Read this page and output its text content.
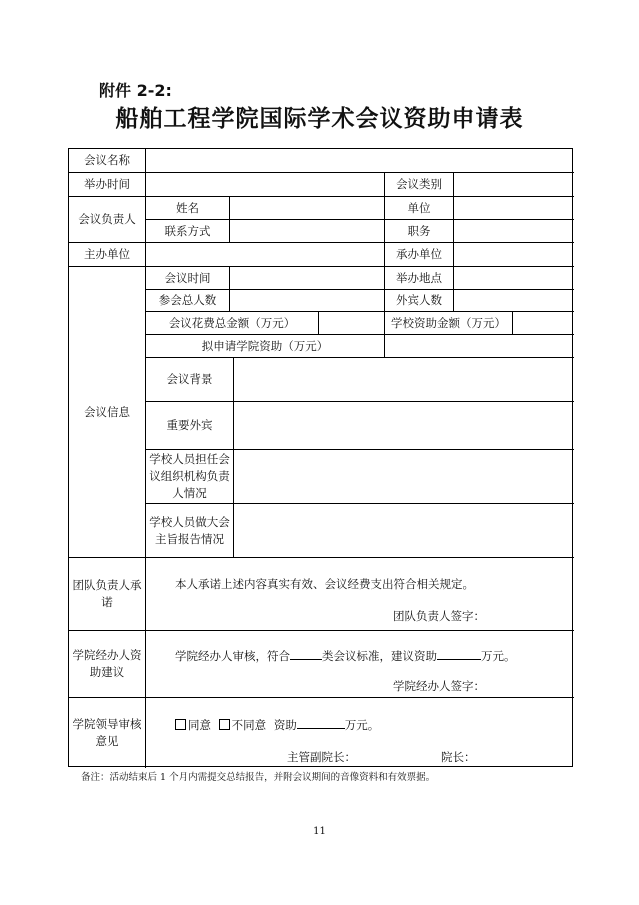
附件 2-2:
船舶工程学院国际学术会议资助申请表
会议名称
举办时间	会议类别
会议负责人
姓名	单位
联系方式	职务
主办单位	承办单位
会议信息
会议时间	举办地点
参会总人数	外宾人数
会议花费总金额（万元）	学校资助金额（万元）
拟申请学院资助（万元）
会议背景
重要外宾
学校人员担任会议组织机构负责人情况
学校人员做大会主旨报告情况
团队负责人承诺
本人承诺上述内容真实有效、会议经费支出符合相关规定。
团队负责人签字：
学院经办人资助建议
学院经办人审核，符合	类会议标准，建议资助	万元。
学院经办人签字：
学院领导审核意见
同意 不同意 资助	万元。
主管副院长：	院长：
备注：活动结束后 1 个月内需提交总结报告，并附会议期间的音像资料和有效票据。
11
